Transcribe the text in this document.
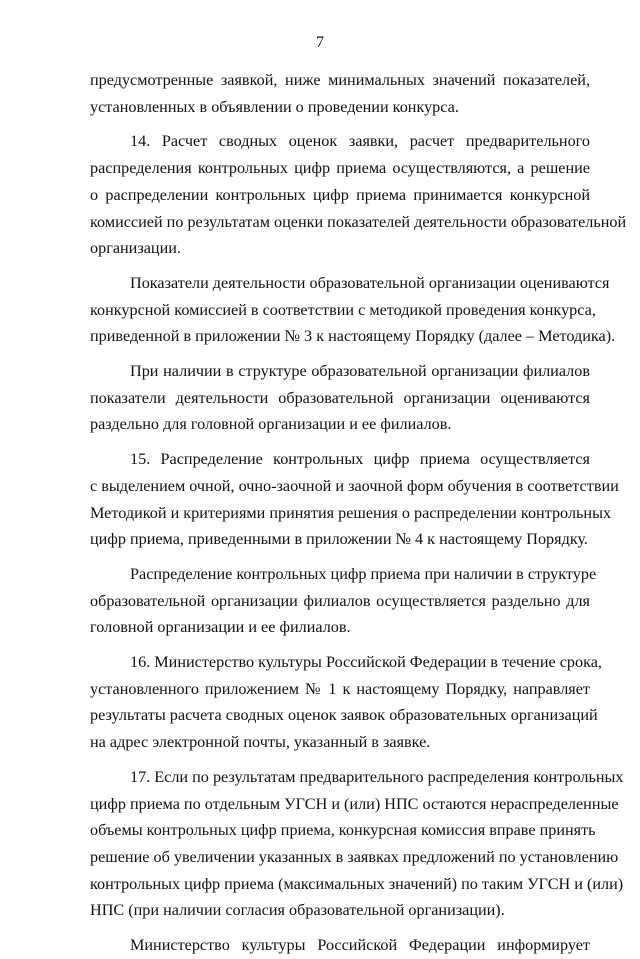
7
предусмотренные заявкой, ниже минимальных значений показателей,
установленных в объявлении о проведении конкурса.
14. Расчет сводных оценок заявки, расчет предварительного
распределения контрольных цифр приема осуществляются, а решение
о распределении контрольных цифр приема принимается конкурсной
комиссией по результатам оценки показателей деятельности образовательной
организации.
Показатели деятельности образовательной организации оцениваются
конкурсной комиссией в соответствии с методикой проведения конкурса,
приведенной в приложении № 3 к настоящему Порядку (далее – Методика).
При наличии в структуре образовательной организации филиалов
показатели деятельности образовательной организации оцениваются
раздельно для головной организации и ее филиалов.
15. Распределение контрольных цифр приема осуществляется
с выделением очной, очно-заочной и заочной форм обучения в соответствии
Методикой и критериями принятия решения о распределении контрольных
цифр приема, приведенными в приложении № 4 к настоящему Порядку.
Распределение контрольных цифр приема при наличии в структуре
образовательной организации филиалов осуществляется раздельно для
головной организации и ее филиалов.
16. Министерство культуры Российской Федерации в течение срока,
установленного приложением № 1 к настоящему Порядку, направляет
результаты расчета сводных оценок заявок образовательных организаций
на адрес электронной почты, указанный в заявке.
17. Если по результатам предварительного распределения контрольных
цифр приема по отдельным УГСН и (или) НПС остаются нераспределенные
объемы контрольных цифр приема, конкурсная комиссия вправе принять
решение об увеличении указанных в заявках предложений по установлению
контрольных цифр приема (максимальных значений) по таким УГСН и (или)
НПС (при наличии согласия образовательной организации).
Министерство культуры Российской Федерации информирует
